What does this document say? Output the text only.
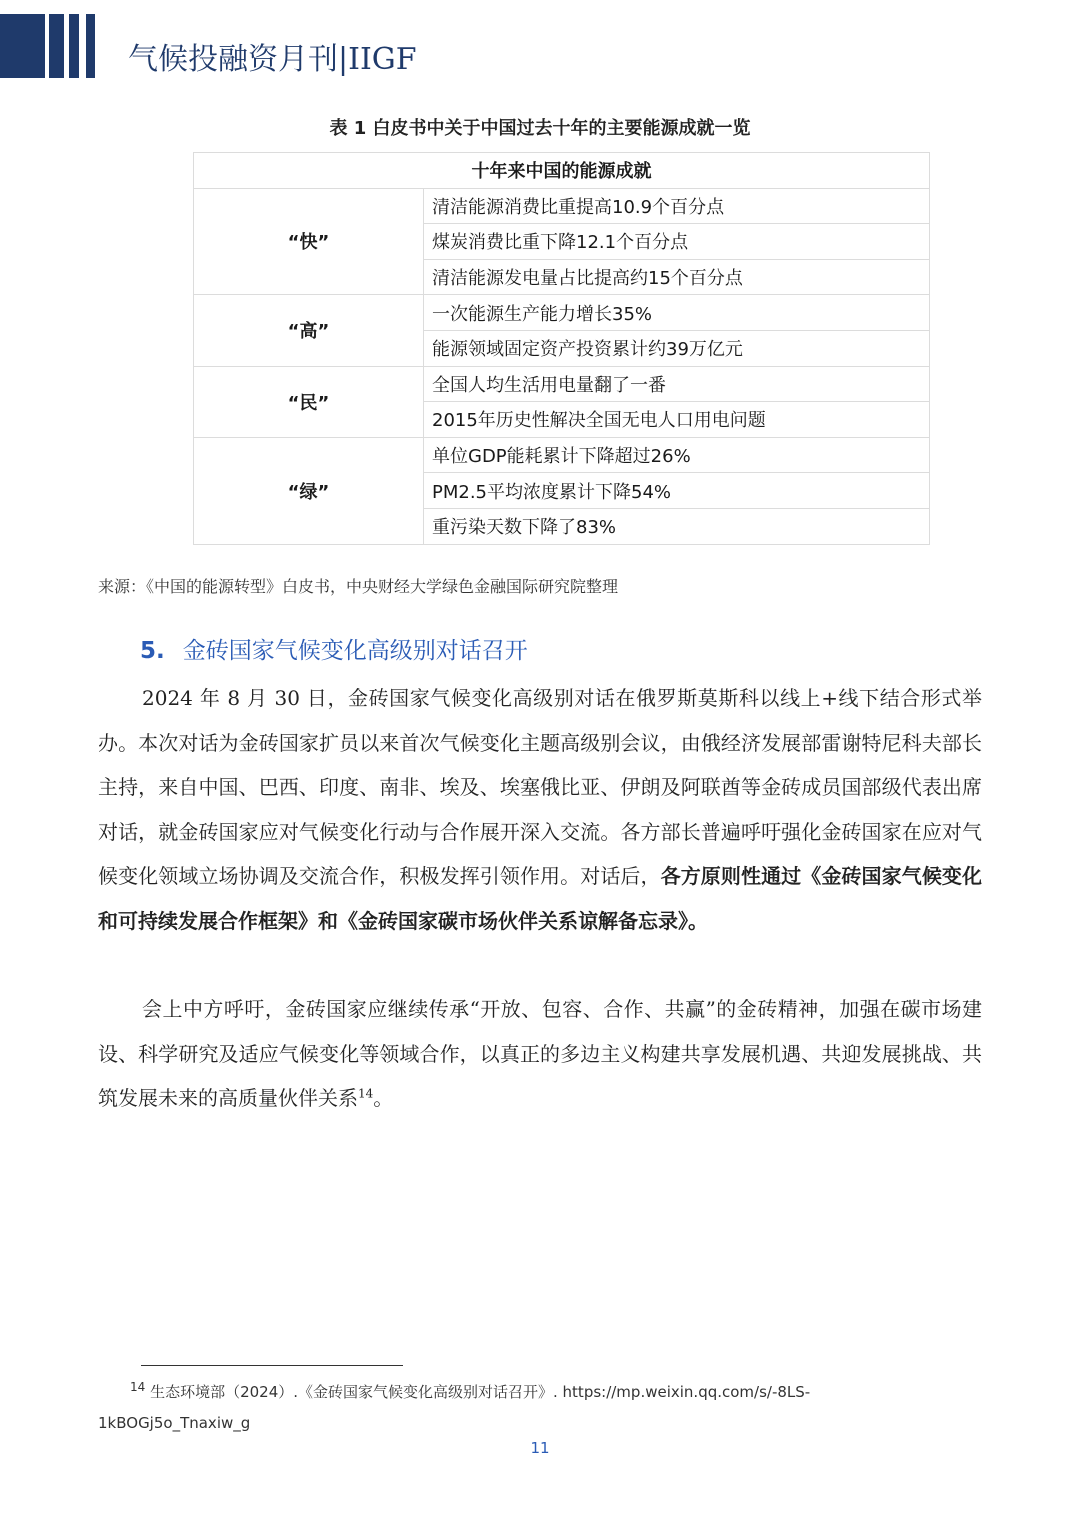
气候投融资月刊|IIGF
表 1 白皮书中关于中国过去十年的主要能源成就一览
十年来中国的能源成就	
“快”	清洁能源消费比重提高10.9个百分点
	煤炭消费比重下降12.1个百分点
	清洁能源发电量占比提高约15个百分点
“高”	一次能源生产能力增长35%
	能源领域固定资产投资累计约39万亿元
“民”	全国人均生活用电量翻了一番
	2015年历史性解决全国无电人口用电问题
“绿”	单位GDP能耗累计下降超过26%
	PM2.5平均浓度累计下降54%
	重污染天数下降了83%
来源：《中国的能源转型》白皮书，中央财经大学绿色金融国际研究院整理
5. 金砖国家气候变化高级别对话召开
2024 年 8 月 30 日，金砖国家气候变化高级别对话在俄罗斯莫斯科以线上+线下结合形式举办。本次对话为金砖国家扩员以来首次气候变化主题高级别会议，由俄经济发展部雷谢特尼科夫部长主持，来自中国、巴西、印度、南非、埃及、埃塞俄比亚、伊朗及阿联酋等金砖成员国部级代表出席对话，就金砖国家应对气候变化行动与合作展开深入交流。各方部长普遍呼吁强化金砖国家在应对气候变化领域立场协调及交流合作，积极发挥引领作用。对话后，各方原则性通过《金砖国家气候变化和可持续发展合作框架》和《金砖国家碳市场伙伴关系谅解备忘录》。
会上中方呼吁，金砖国家应继续传承“开放、包容、合作、共赢”的金砖精神，加强在碳市场建设、科学研究及适应气候变化等领域合作，以真正的多边主义构建共享发展机遇、共迎发展挑战、共筑发展未来的高质量伙伴关系$^{14}$。
$^{14}$ 生态环境部（2024）.《金砖国家气候变化高级别对话召开》. https://mp.weixin.qq.com/s/-8LS-
1kBOGj5o_Tnaxiw_g
11
